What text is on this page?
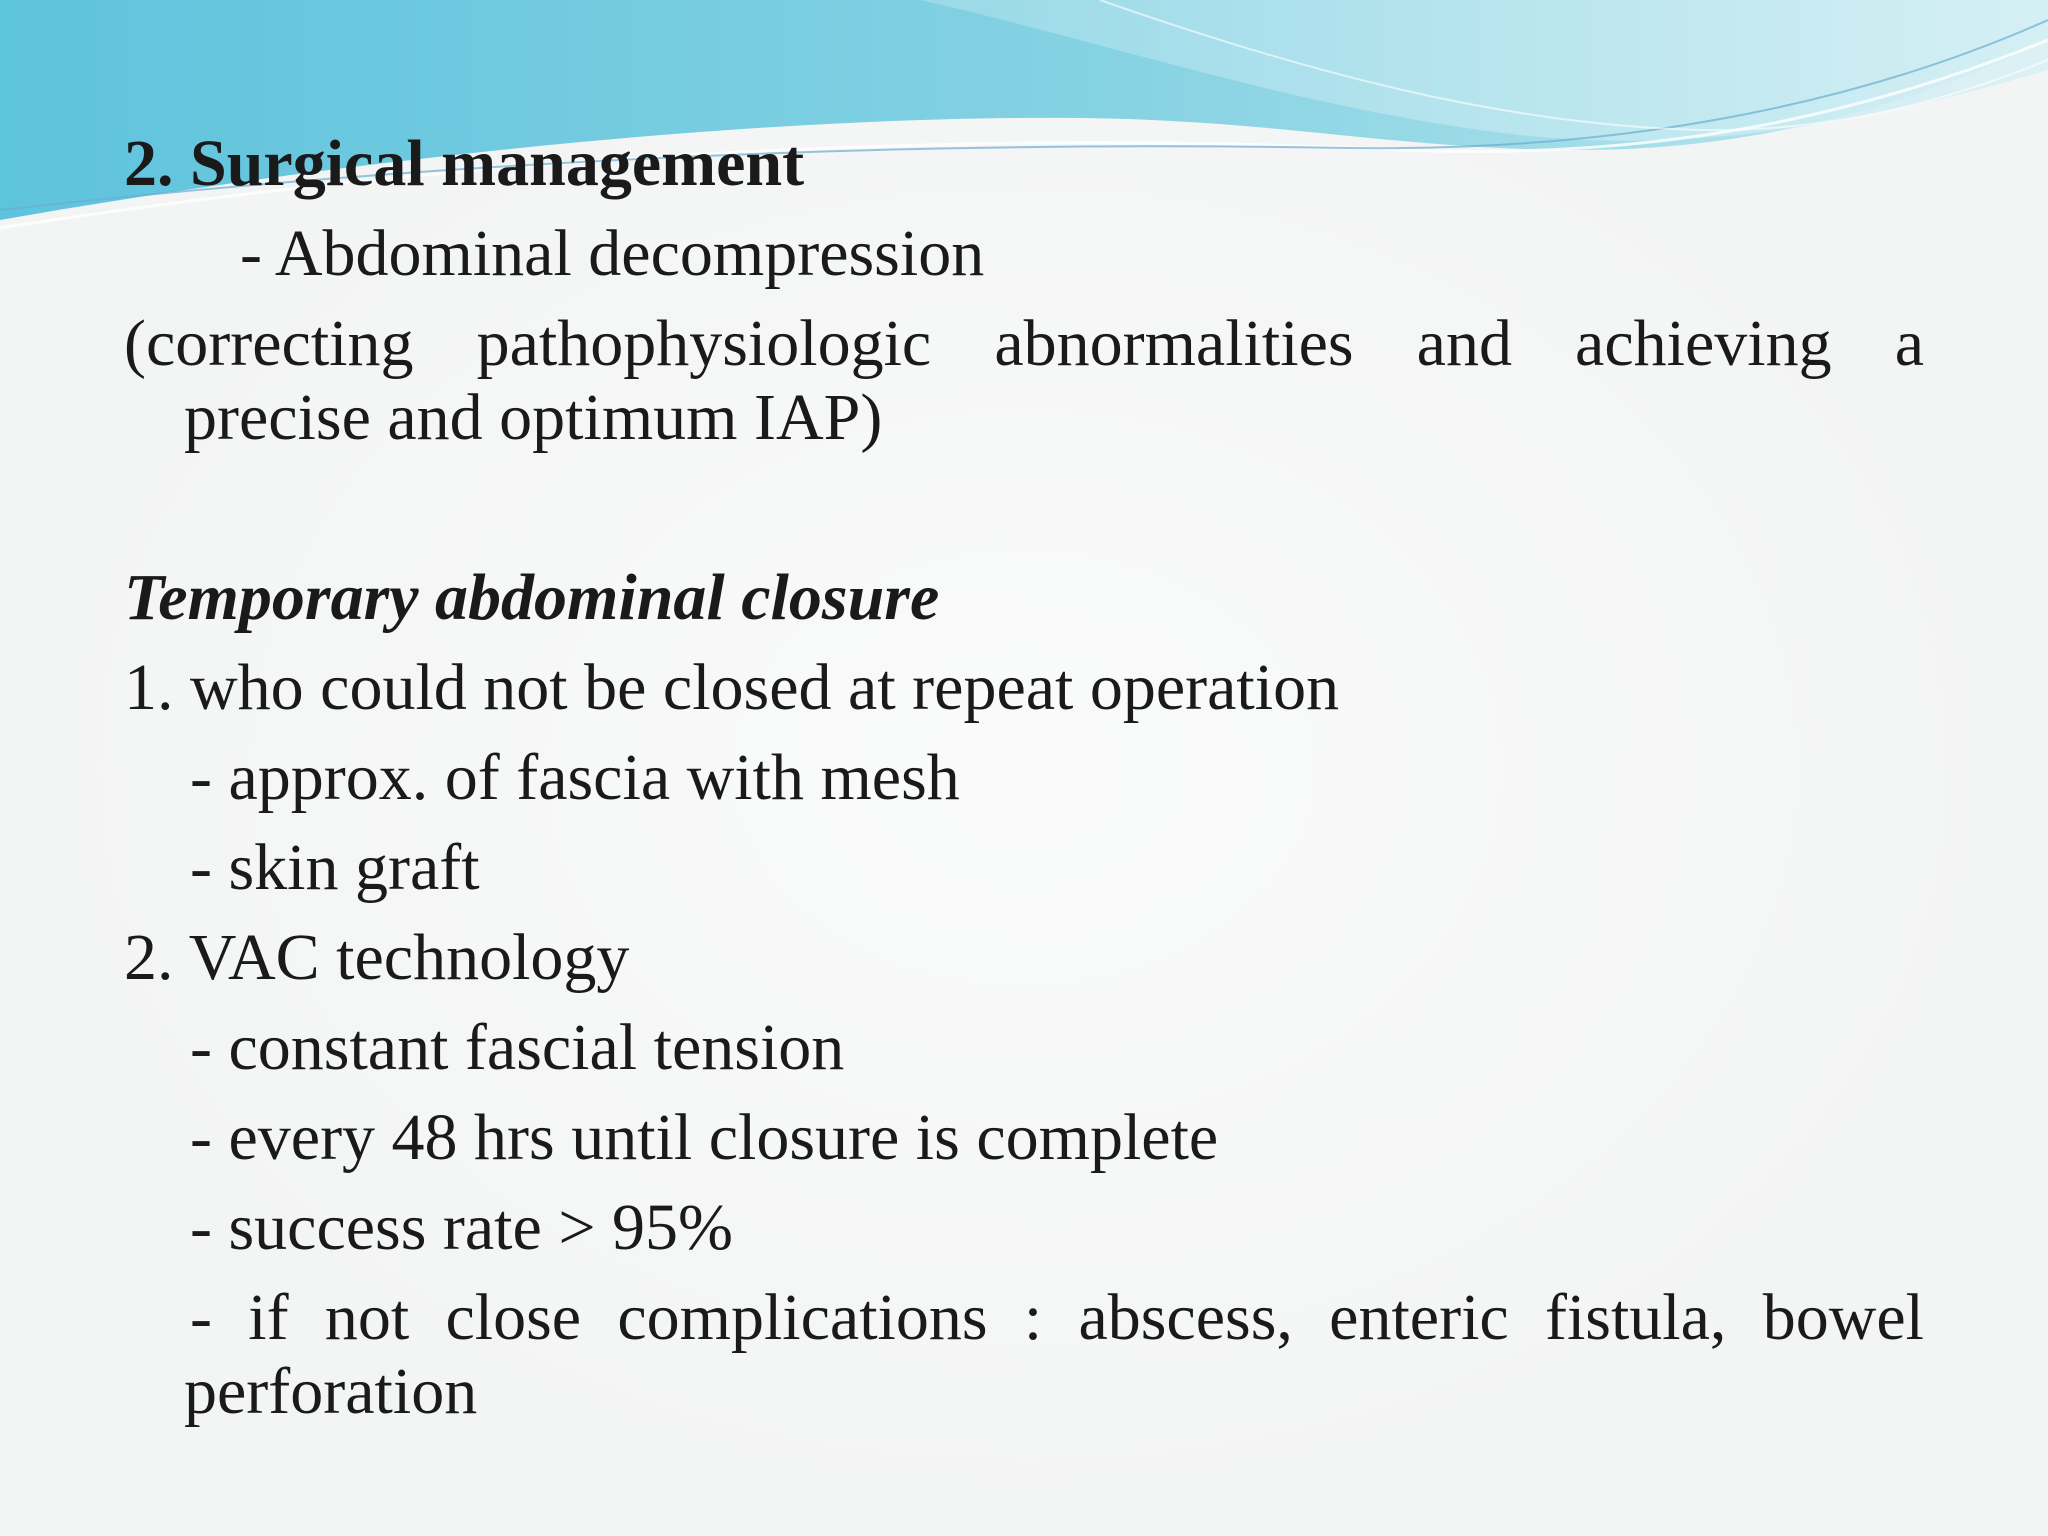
2. Surgical management
- Abdominal decompression
(correcting pathophysiologic abnormalities and achieving a
precise and optimum IAP)
Temporary abdominal closure
1. who could not be closed at repeat operation
- approx. of fascia with mesh
- skin graft
2. VAC technology
- constant fascial tension
- every 48 hrs until closure is complete
- success rate > 95%
- if not close complications : abscess, enteric fistula, bowel
perforation
